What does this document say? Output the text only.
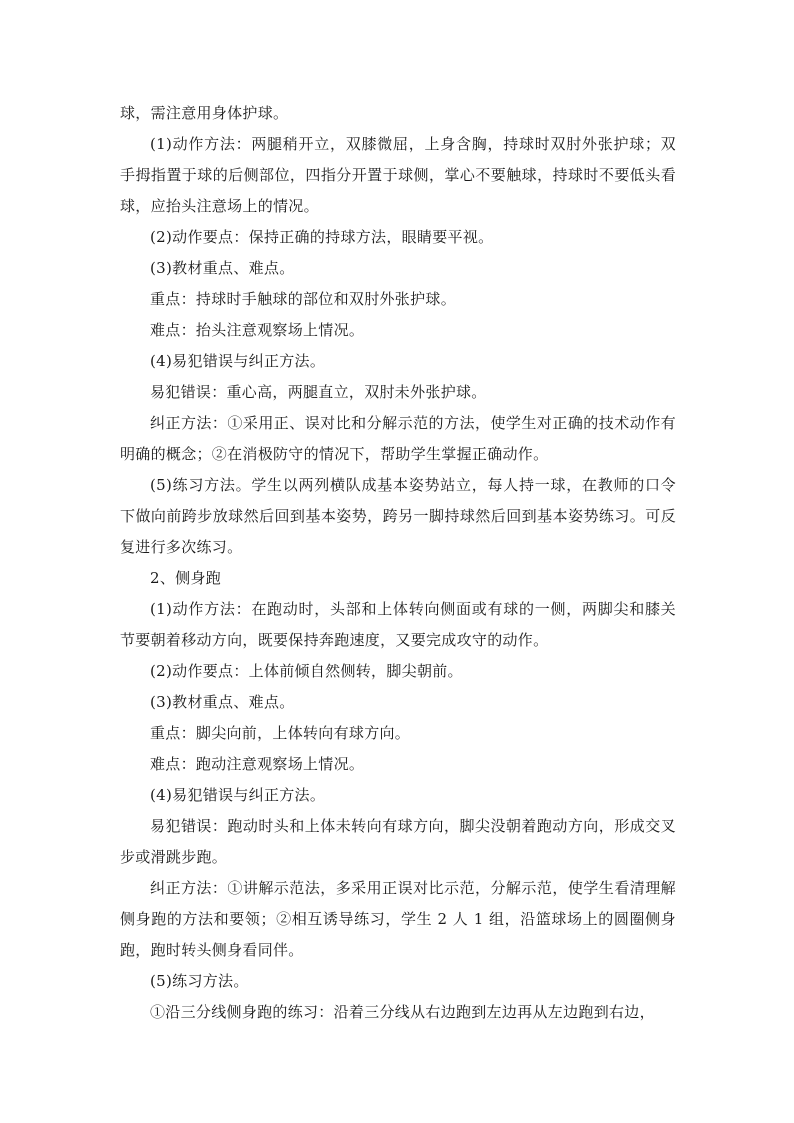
球，需注意用身体护球。

(1)动作方法：两腿稍开立，双膝微屈，上身含胸，持球时双肘外张护球；双手拇指置于球的后侧部位，四指分开置于球侧，掌心不要触球，持球时不要低头看球，应抬头注意场上的情况。

(2)动作要点：保持正确的持球方法，眼睛要平视。

(3)教材重点、难点。

重点：持球时手触球的部位和双肘外张护球。

难点：抬头注意观察场上情况。

(4)易犯错误与纠正方法。

易犯错误：重心高，两腿直立，双肘未外张护球。

纠正方法：①采用正、误对比和分解示范的方法，使学生对正确的技术动作有明确的概念；②在消极防守的情况下，帮助学生掌握正确动作。

(5)练习方法。学生以两列横队成基本姿势站立，每人持一球，在教师的口令下做向前跨步放球然后回到基本姿势，跨另一脚持球然后回到基本姿势练习。可反复进行多次练习。

2、侧身跑

(1)动作方法：在跑动时，头部和上体转向侧面或有球的一侧，两脚尖和膝关节要朝着移动方向，既要保持奔跑速度，又要完成攻守的动作。

(2)动作要点：上体前倾自然侧转，脚尖朝前。

(3)教材重点、难点。

重点：脚尖向前，上体转向有球方向。

难点：跑动注意观察场上情况。

(4)易犯错误与纠正方法。

易犯错误：跑动时头和上体未转向有球方向，脚尖没朝着跑动方向，形成交叉步或滑跳步跑。

纠正方法：①讲解示范法，多采用正误对比示范，分解示范，使学生看清理解侧身跑的方法和要领；②相互诱导练习，学生 2 人 1 组，沿篮球场上的圆圈侧身跑，跑时转头侧身看同伴。

(5)练习方法。

①沿三分线侧身跑的练习：沿着三分线从右边跑到左边再从左边跑到右边，
